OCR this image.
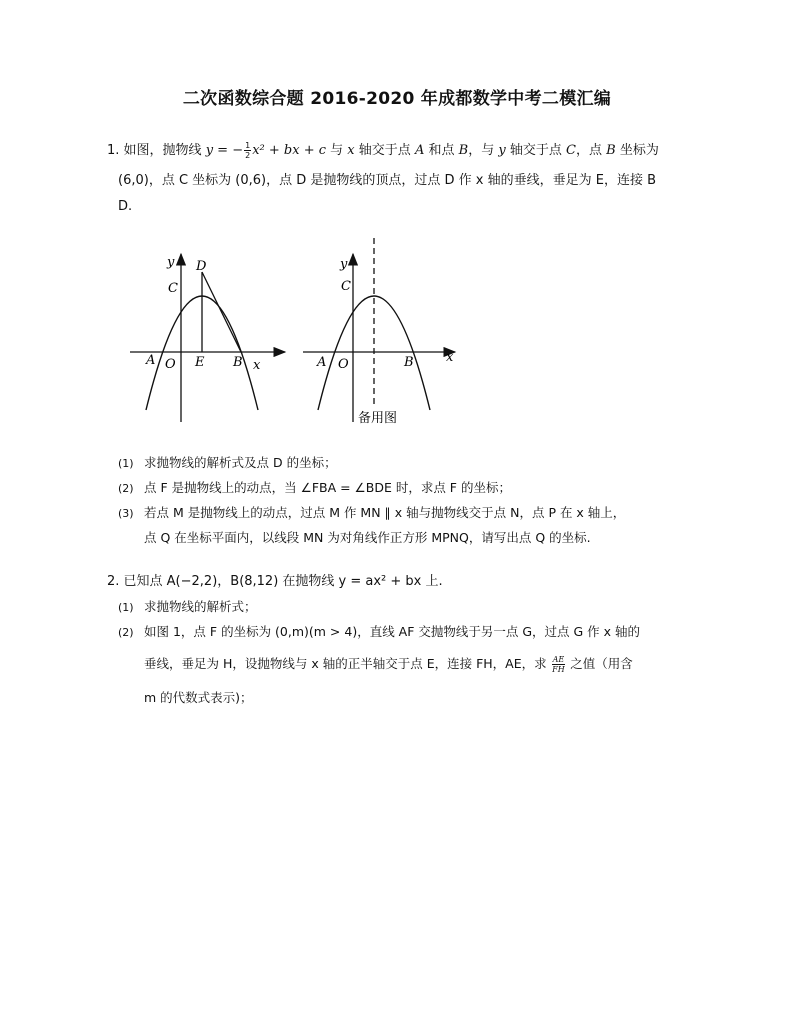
二次函数综合题 2016-2020 年成都数学中考二模汇编
1. 如图，抛物线 y = − $\frac{1}{2} x^2$ + bx + c 与 x 轴交于点 A 和点 B，与 y 轴交于点 C，点 B 坐标为
(6,0)，点 C 坐标为 (0,6)，点 D 是抛物线的顶点，过点 D 作 x 轴的垂线，垂足为 E，连接 B
D.
y D
C
A O E B x
y
C
A O	B x
备用图
(1) 求抛物线的解析式及点 D 的坐标；
(2) 点 F 是抛物线上的动点，当 ∠FBA = ∠BDE 时，求点 F 的坐标；
(3) 若点 M 是抛物线上的动点，过点 M 作 MN ∥ x 轴与抛物线交于点 N，点 P 在 x 轴上，
点 Q 在坐标平面内，以线段 MN 为对角线作正方形 MPNQ，请写出点 Q 的坐标.
2. 已知点 A(−2,2)，B(8,12) 在抛物线 y = ax² + bx 上.
(1) 求抛物线的解析式；
(2) 如图 1，点 F 的坐标为 (0,m)(m > 4)，直线 AF 交抛物线于另一点 G，过点 G 作 x 轴的
垂线，垂足为 H，设抛物线与 x 轴的正半轴交于点 E，连接 FH，AE，求 $\frac{AE}{FH}$ 之值（用含
m 的代数式表示)；
